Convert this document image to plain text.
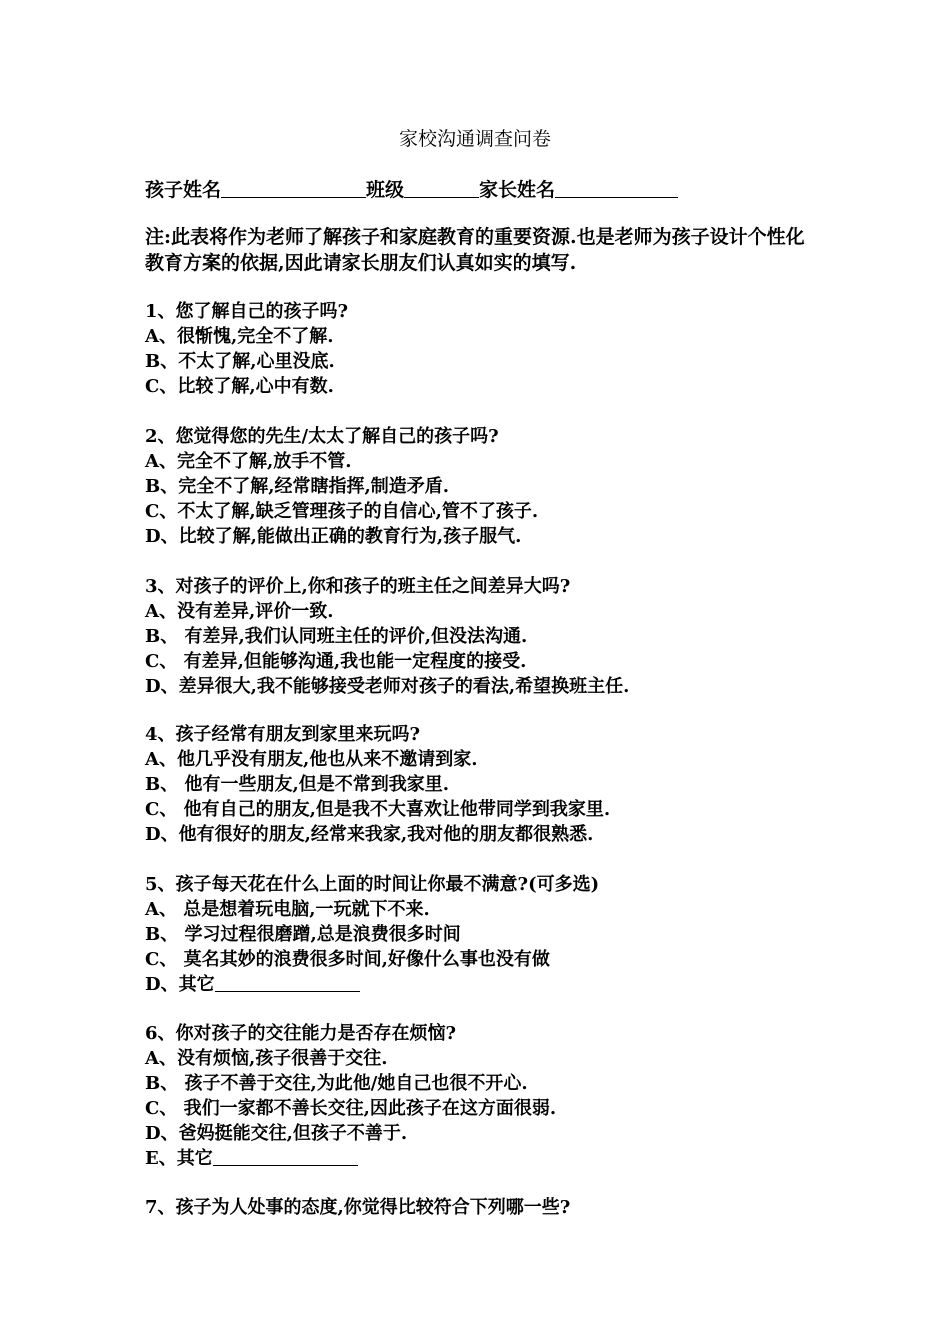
家校沟通调查问卷
孩子姓名	班级	家长姓名
注:此表将作为老师了解孩子和家庭教育的重要资源.也是老师为孩子设计个性化教育方案的依据,因此请家长朋友们认真如实的填写.
1、您了解自己的孩子吗?
A、很惭愧,完全不了解.
B、不太了解,心里没底.
C、比较了解,心中有数.
2、您觉得您的先生/太太了解自己的孩子吗?
A、完全不了解,放手不管.
B、完全不了解,经常瞎指挥,制造矛盾.
C、不太了解,缺乏管理孩子的自信心,管不了孩子.
D、比较了解,能做出正确的教育行为,孩子服气.
3、对孩子的评价上,你和孩子的班主任之间差异大吗?
A、没有差异,评价一致.
B、 有差异,我们认同班主任的评价,但没法沟通.
C、 有差异,但能够沟通,我也能一定程度的接受.
D、差异很大,我不能够接受老师对孩子的看法,希望换班主任.
4、孩子经常有朋友到家里来玩吗?
A、他几乎没有朋友,他也从来不邀请到家.
B、 他有一些朋友,但是不常到我家里.
C、 他有自己的朋友,但是我不大喜欢让他带同学到我家里.
D、他有很好的朋友,经常来我家,我对他的朋友都很熟悉.
5、孩子每天花在什么上面的时间让你最不满意?(可多选)
A、 总是想着玩电脑,一玩就下不来.
B、 学习过程很磨蹭,总是浪费很多时间
C、 莫名其妙的浪费很多时间,好像什么事也没有做
D、其它
6、你对孩子的交往能力是否存在烦恼?
A、没有烦恼,孩子很善于交往.
B、 孩子不善于交往,为此他/她自己也很不开心.
C、 我们一家都不善长交往,因此孩子在这方面很弱.
D、爸妈挺能交往,但孩子不善于.
E、其它
7、孩子为人处事的态度,你觉得比较符合下列哪一些?
